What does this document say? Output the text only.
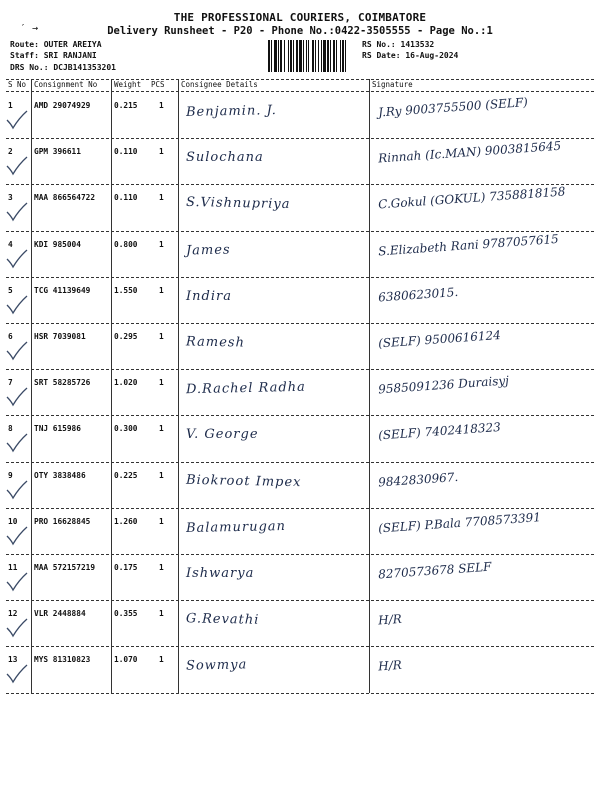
′ →
THE PROFESSIONAL COURIERS, COIMBATORE
Delivery Runsheet - P20 - Phone No.:0422-3505555 - Page No.:1
Route: OUTER AREIYA
Staff: SRI RANJANI
DRS No.: DCJB141353201
RS No.: 1413532
RS Date: 16-Aug-2024
S No Consignment No Weight PCS Consignee Details	Signature
1	AMD 29074929	0.215	1 Benjamin. J.	J.Ry 9003755500 (SELF)
2	GPM 396611	0.110	1 Sulochana	Rinnah (Ic.MAN) 9003815645
3	MAA 866564722 0.110	1 S.Vishnupriya	C.Gokul (GOKUL) 7358818158
4	KDI 985004	0.800	1 James	S.Elizabeth Rani 9787057615
5	TCG 41139649	1.550	1 Indira	6380623015.
6	HSR 7039081	0.295	1 Ramesh	(SELF) 9500616124
7	SRT 58285726	1.020	1 D.Rachel Radha	9585091236 Duraisyj
8	TNJ 615986	0.300	1 V. George	(SELF) 7402418323
9	OTY 3838486	0.225	1 Biokroot Impex	9842830967.
10 PRO 16628845	1.260	1 Balamurugan	(SELF) P.Bala 7708573391
11 MAA 572157219 0.175	1 Ishwarya	8270573678 SELF
12 VLR 2448884	0.355	1 G.Revathi	H/R
13 MYS 81310823	1.070	1 Sowmya	H/R
